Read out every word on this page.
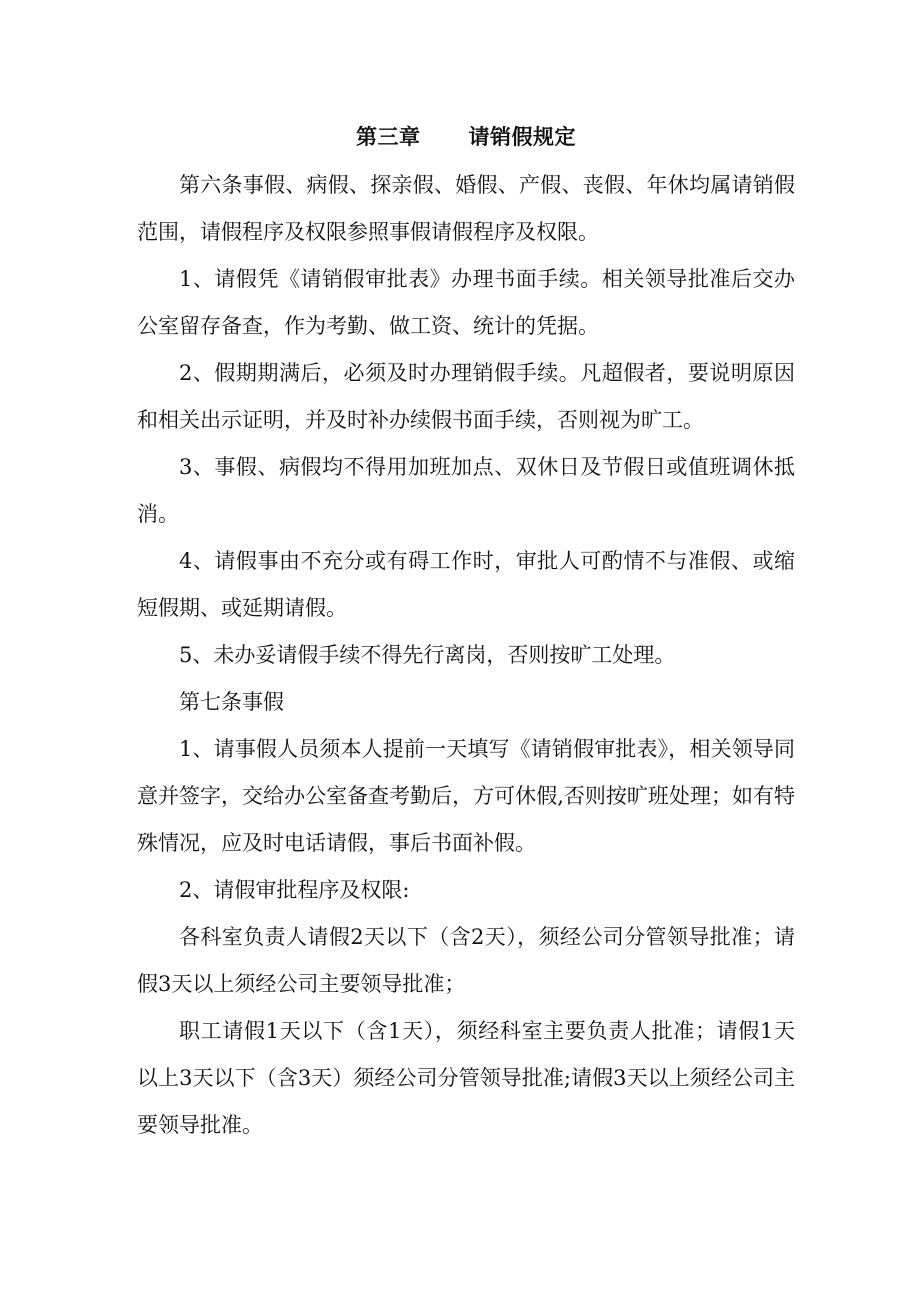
第三章 请销假规定

第六条事假、病假、探亲假、婚假、产假、丧假、年休均属请销假范围，请假程序及权限参照事假请假程序及权限。

1、请假凭《请销假审批表》办理书面手续。相关领导批准后交办公室留存备查，作为考勤、做工资、统计的凭据。

2、假期期满后，必须及时办理销假手续。凡超假者，要说明原因和相关出示证明，并及时补办续假书面手续，否则视为旷工。

3、事假、病假均不得用加班加点、双休日及节假日或值班调休抵消。

4、请假事由不充分或有碍工作时，审批人可酌情不与准假、或缩短假期、或延期请假。

5、未办妥请假手续不得先行离岗，否则按旷工处理。

第七条事假

1、请事假人员须本人提前一天填写《请销假审批表》，相关领导同意并签字，交给办公室备查考勤后，方可休假,否则按旷班处理；如有特殊情况，应及时电话请假，事后书面补假。

2、请假审批程序及权限:

各科室负责人请假2天以下（含2天），须经公司分管领导批准；请假3天以上须经公司主要领导批准；

职工请假1天以下（含1天），须经科室主要负责人批准；请假1天以上3天以下（含3天）须经公司分管领导批准;请假3天以上须经公司主要领导批准。
